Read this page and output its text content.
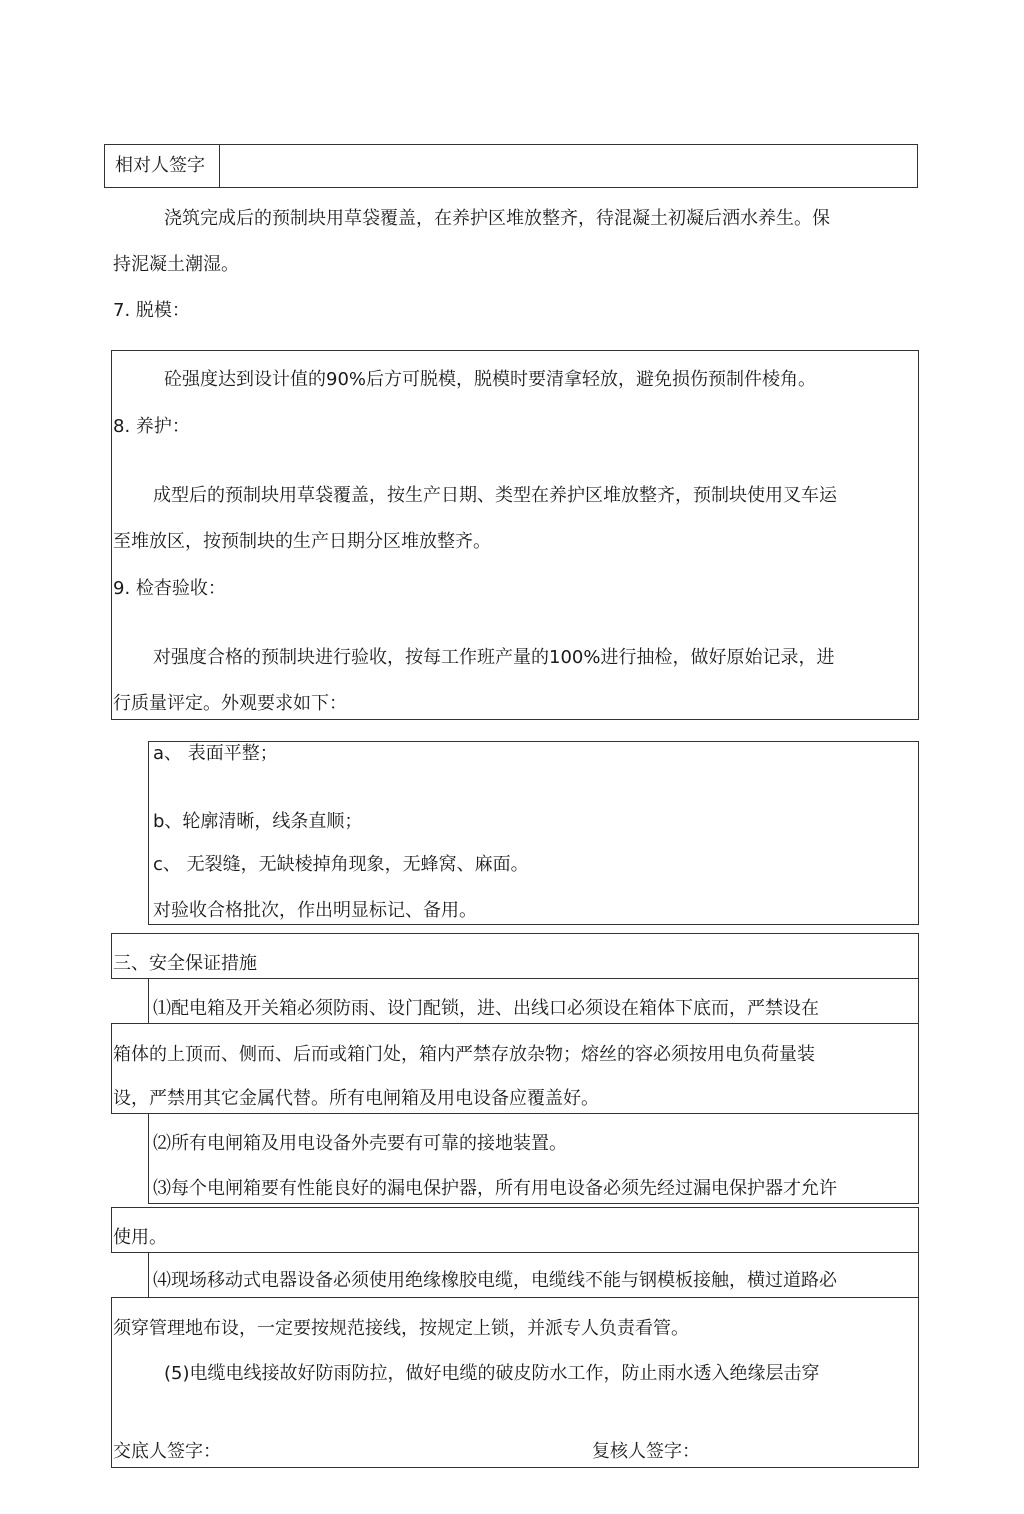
相对人签字
浇筑完成后的预制块用草袋覆盖，在养护区堆放整齐，待混凝土初凝后洒水养生。保
持泥凝土潮湿。
7. 脱模：
砼强度达到设计值的90%后方可脱模，脱模时要清拿轻放，避免损伤预制件棱角。
8. 养护：
成型后的预制块用草袋覆盖，按生产日期、类型在养护区堆放整齐，预制块使用叉车运
至堆放区，按预制块的生产日期分区堆放整齐。
9. 检杳验收：
对强度合格的预制块进行验收，按每工作班产量的100%进行抽检，做好原始记录，进
行质量评定。外观要求如下：
a、 表面平整；
b、轮廓清晰，线条直顺；
c、 无裂缝，无缺棱掉角现象，无蜂窝、麻面。
对验收合格批次，作出明显标记、备用。
三、安全保证措施
⑴配电箱及开关箱必须防雨、设门配锁，进、出线口必须设在箱体下底而，严禁设在
箱体的上顶而、侧而、后而或箱门处，箱内严禁存放杂物；熔丝的容必须按用电负荷量装
设，严禁用其它金属代替。所有电闸箱及用电设备应覆盖好。
⑵所有电闸箱及用电设备外壳要有可靠的接地装置。
⑶每个电闸箱要有性能良好的漏电保护器，所有用电设备必须先经过漏电保护器才允许
使用。
⑷现场移动式电器设备必须使用绝缘橡胶电缆，电缆线不能与钢模板接触，横过道路必
须穿管理地布设，一定要按规范接线，按规定上锁，并派专人负责看管。
(5)电缆电线接故好防雨防拉，做好电缆的破皮防水工作，防止雨水透入绝缘层击穿
交底人签字：	复核人签字：
